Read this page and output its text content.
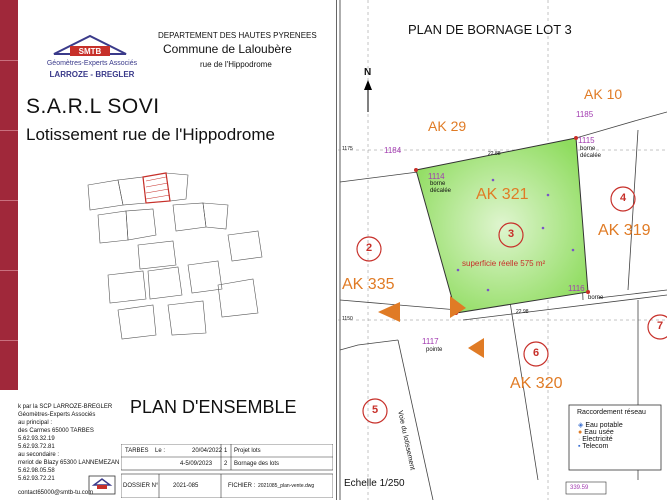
SMTB
Géomètres-Experts Associés
LARROZE - BREGLER
DEPARTEMENT DES HAUTES PYRENEES
Commune de Laloubère
rue de l'Hippodrome
S.A.R.L SOVI
Lotissement rue de l'Hippodrome
PLAN D'ENSEMBLE
k par la SCP LARROZE-BREGLER
Géomètres-Experts Associés
au principal :
des Carmes 65000 TARBES
5.62.93.32.19
5.62.93.72.81
au secondaire :
rreriot de Blazy 65300 LANNEMEZAN
5.62.98.05.58
5.62.93.72.21
contact65000@smtb-tu.com
TARBES Le :	20/04/2022 1 Projet lots
4-5/09/2023 2 Bornage des lots
DOSSIER N° 2021-085	FICHIER : 2021085_plan-vente.dwg
PLAN DE BORNAGE LOT 3
N
AK 10
AK 29
AK 321
AK 319
AK 335
AK 320
3
2
4
5
6
7
superficie réelle 575 m²
1184
1185
1114
1115
1116
1117
borne décalée
borne décalée
borne
pointe
Voie du lotissement
22.88
22.98
1175
1150
Echelle 1/250	339.59
Raccordement réseau
◈ Eau potable
● Eau usée
· Electricité
▪ Telecom
